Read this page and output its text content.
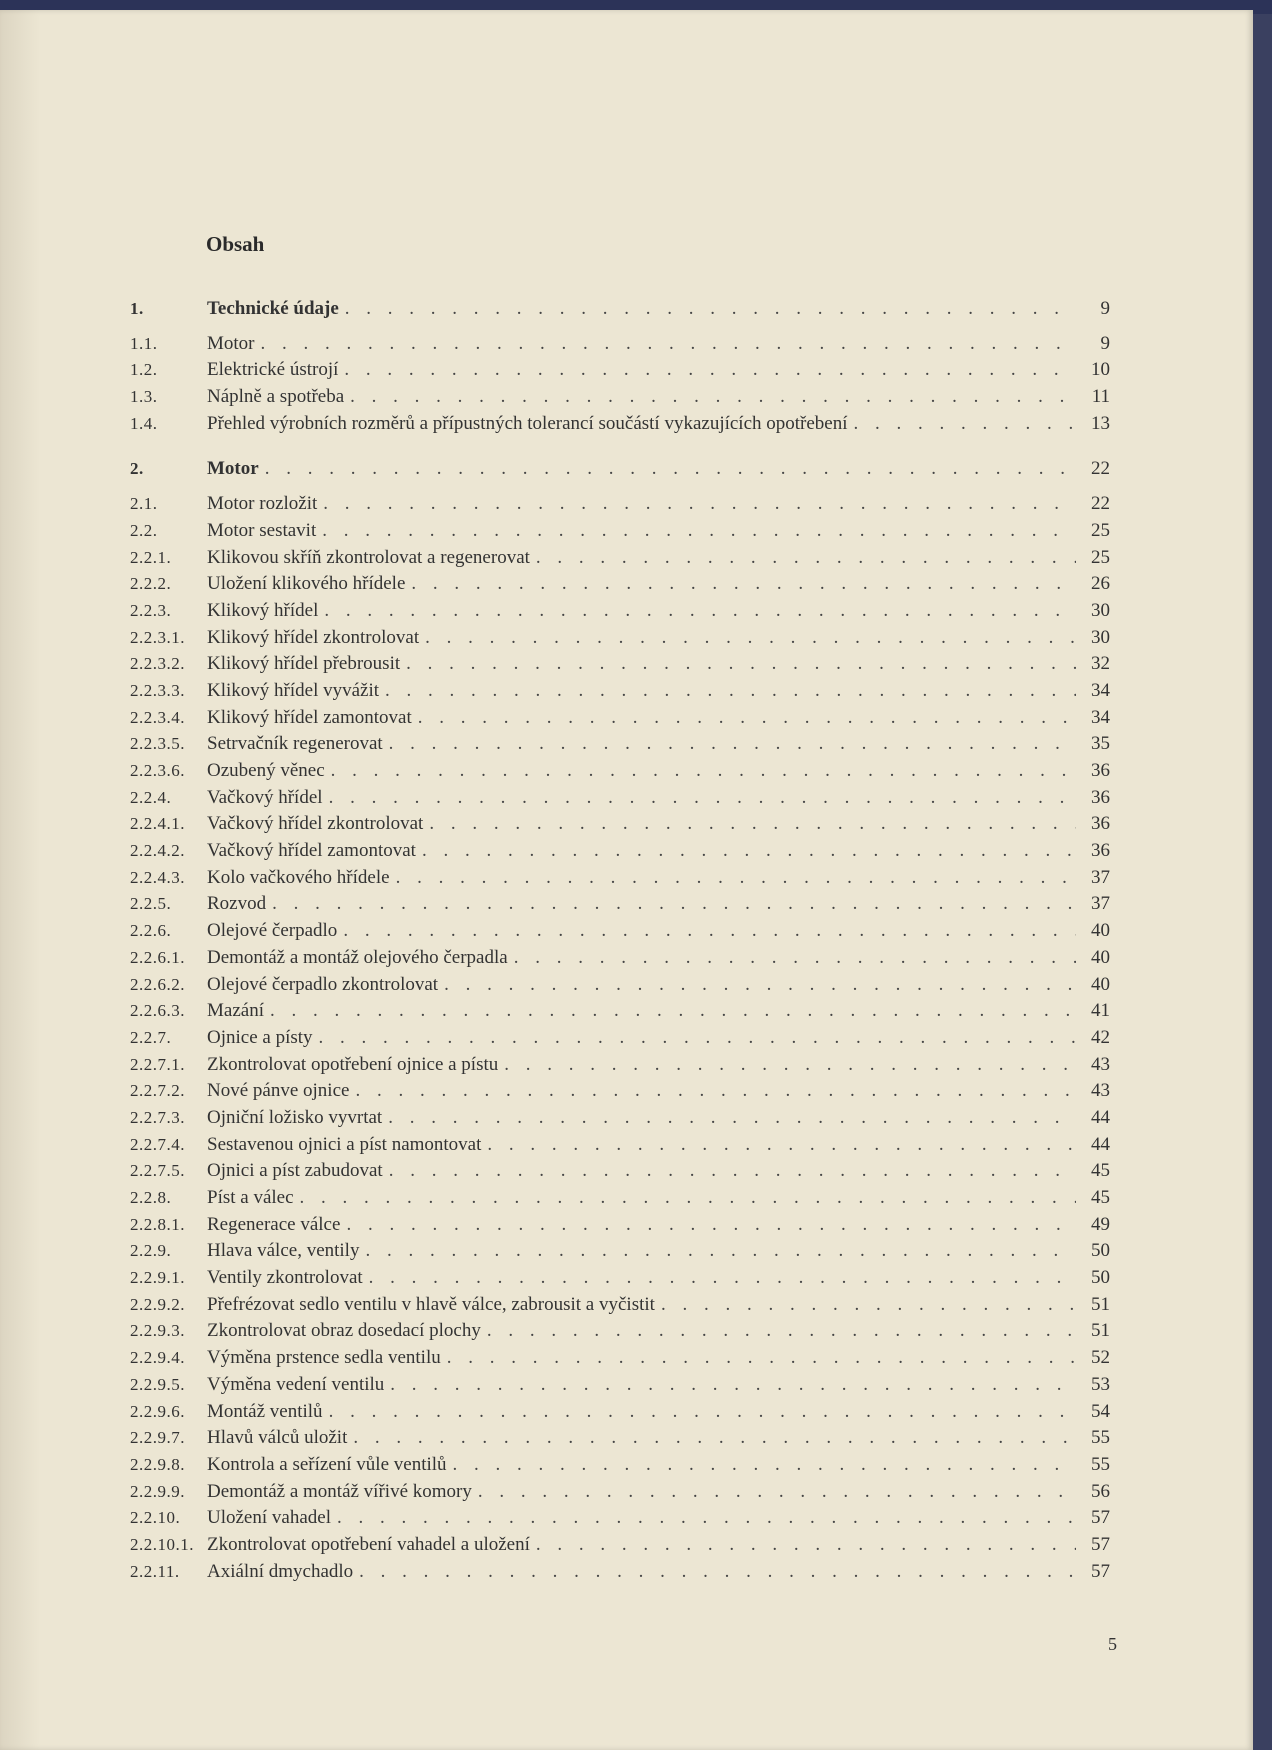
Obsah
1.	Technické údaje . . .	9
1.1.	Motor . . .	9
1.2.	Elektrické ústrojí . . .	10
1.3.	Náplně a spotřeba . . .	11
1.4.	Přehled výrobních rozměrů a přípustných tolerancí součástí vykazujících opotřebení . . .	13
2.	Motor . . .	22
2.1.	Motor rozložit . . .	22
2.2.	Motor sestavit . . .	25
2.2.1.	Klikovou skříň zkontrolovat a regenerovat . . .	25
2.2.2.	Uložení klikového hřídele . . .	26
2.2.3.	Klikový hřídel . . .	30
2.2.3.1.	Klikový hřídel zkontrolovat . . .	30
2.2.3.2.	Klikový hřídel přebrousit . . .	32
2.2.3.3.	Klikový hřídel vyvážit . . .	34
2.2.3.4.	Klikový hřídel zamontovat . . .	34
2.2.3.5.	Setrvačník regenerovat . . .	35
2.2.3.6.	Ozubený věnec . . .	36
2.2.4.	Vačkový hřídel . . .	36
2.2.4.1.	Vačkový hřídel zkontrolovat . . .	36
2.2.4.2.	Vačkový hřídel zamontovat . . .	36
2.2.4.3.	Kolo vačkového hřídele . . .	37
2.2.5.	Rozvod . . .	37
2.2.6.	Olejové čerpadlo . . .	40
2.2.6.1.	Demontáž a montáž olejového čerpadla . . .	40
2.2.6.2.	Olejové čerpadlo zkontrolovat . . .	40
2.2.6.3.	Mazání . . .	41
2.2.7.	Ojnice a písty . . .	42
2.2.7.1.	Zkontrolovat opotřebení ojnice a pístu . . .	43
2.2.7.2.	Nové pánve ojnice . . .	43
2.2.7.3.	Ojniční ložisko vyvrtat . . .	44
2.2.7.4.	Sestavenou ojnici a píst namontovat . . .	44
2.2.7.5.	Ojnici a píst zabudovat . . .	45
2.2.8.	Píst a válec . . .	45
2.2.8.1.	Regenerace válce . . .	49
2.2.9.	Hlava válce, ventily . . .	50
2.2.9.1.	Ventily zkontrolovat . . .	50
2.2.9.2.	Přefrézovat sedlo ventilu v hlavě válce, zabrousit a vyčistit . . .	51
2.2.9.3.	Zkontrolovat obraz dosedací plochy . . .	51
2.2.9.4.	Výměna prstence sedla ventilu . . .	52
2.2.9.5.	Výměna vedení ventilu . . .	53
2.2.9.6.	Montáž ventilů . . .	54
2.2.9.7.	Hlavů válců uložit . . .	55
2.2.9.8.	Kontrola a seřízení vůle ventilů . . .	55
2.2.9.9.	Demontáž a montáž vířivé komory . . .	56
2.2.10.	Uložení vahadel . . .	57
2.2.10.1. Zkontrolovat opotřebení vahadel a uložení . . .	57
2.2.11.	Axiální dmychadlo . . .	57
5
